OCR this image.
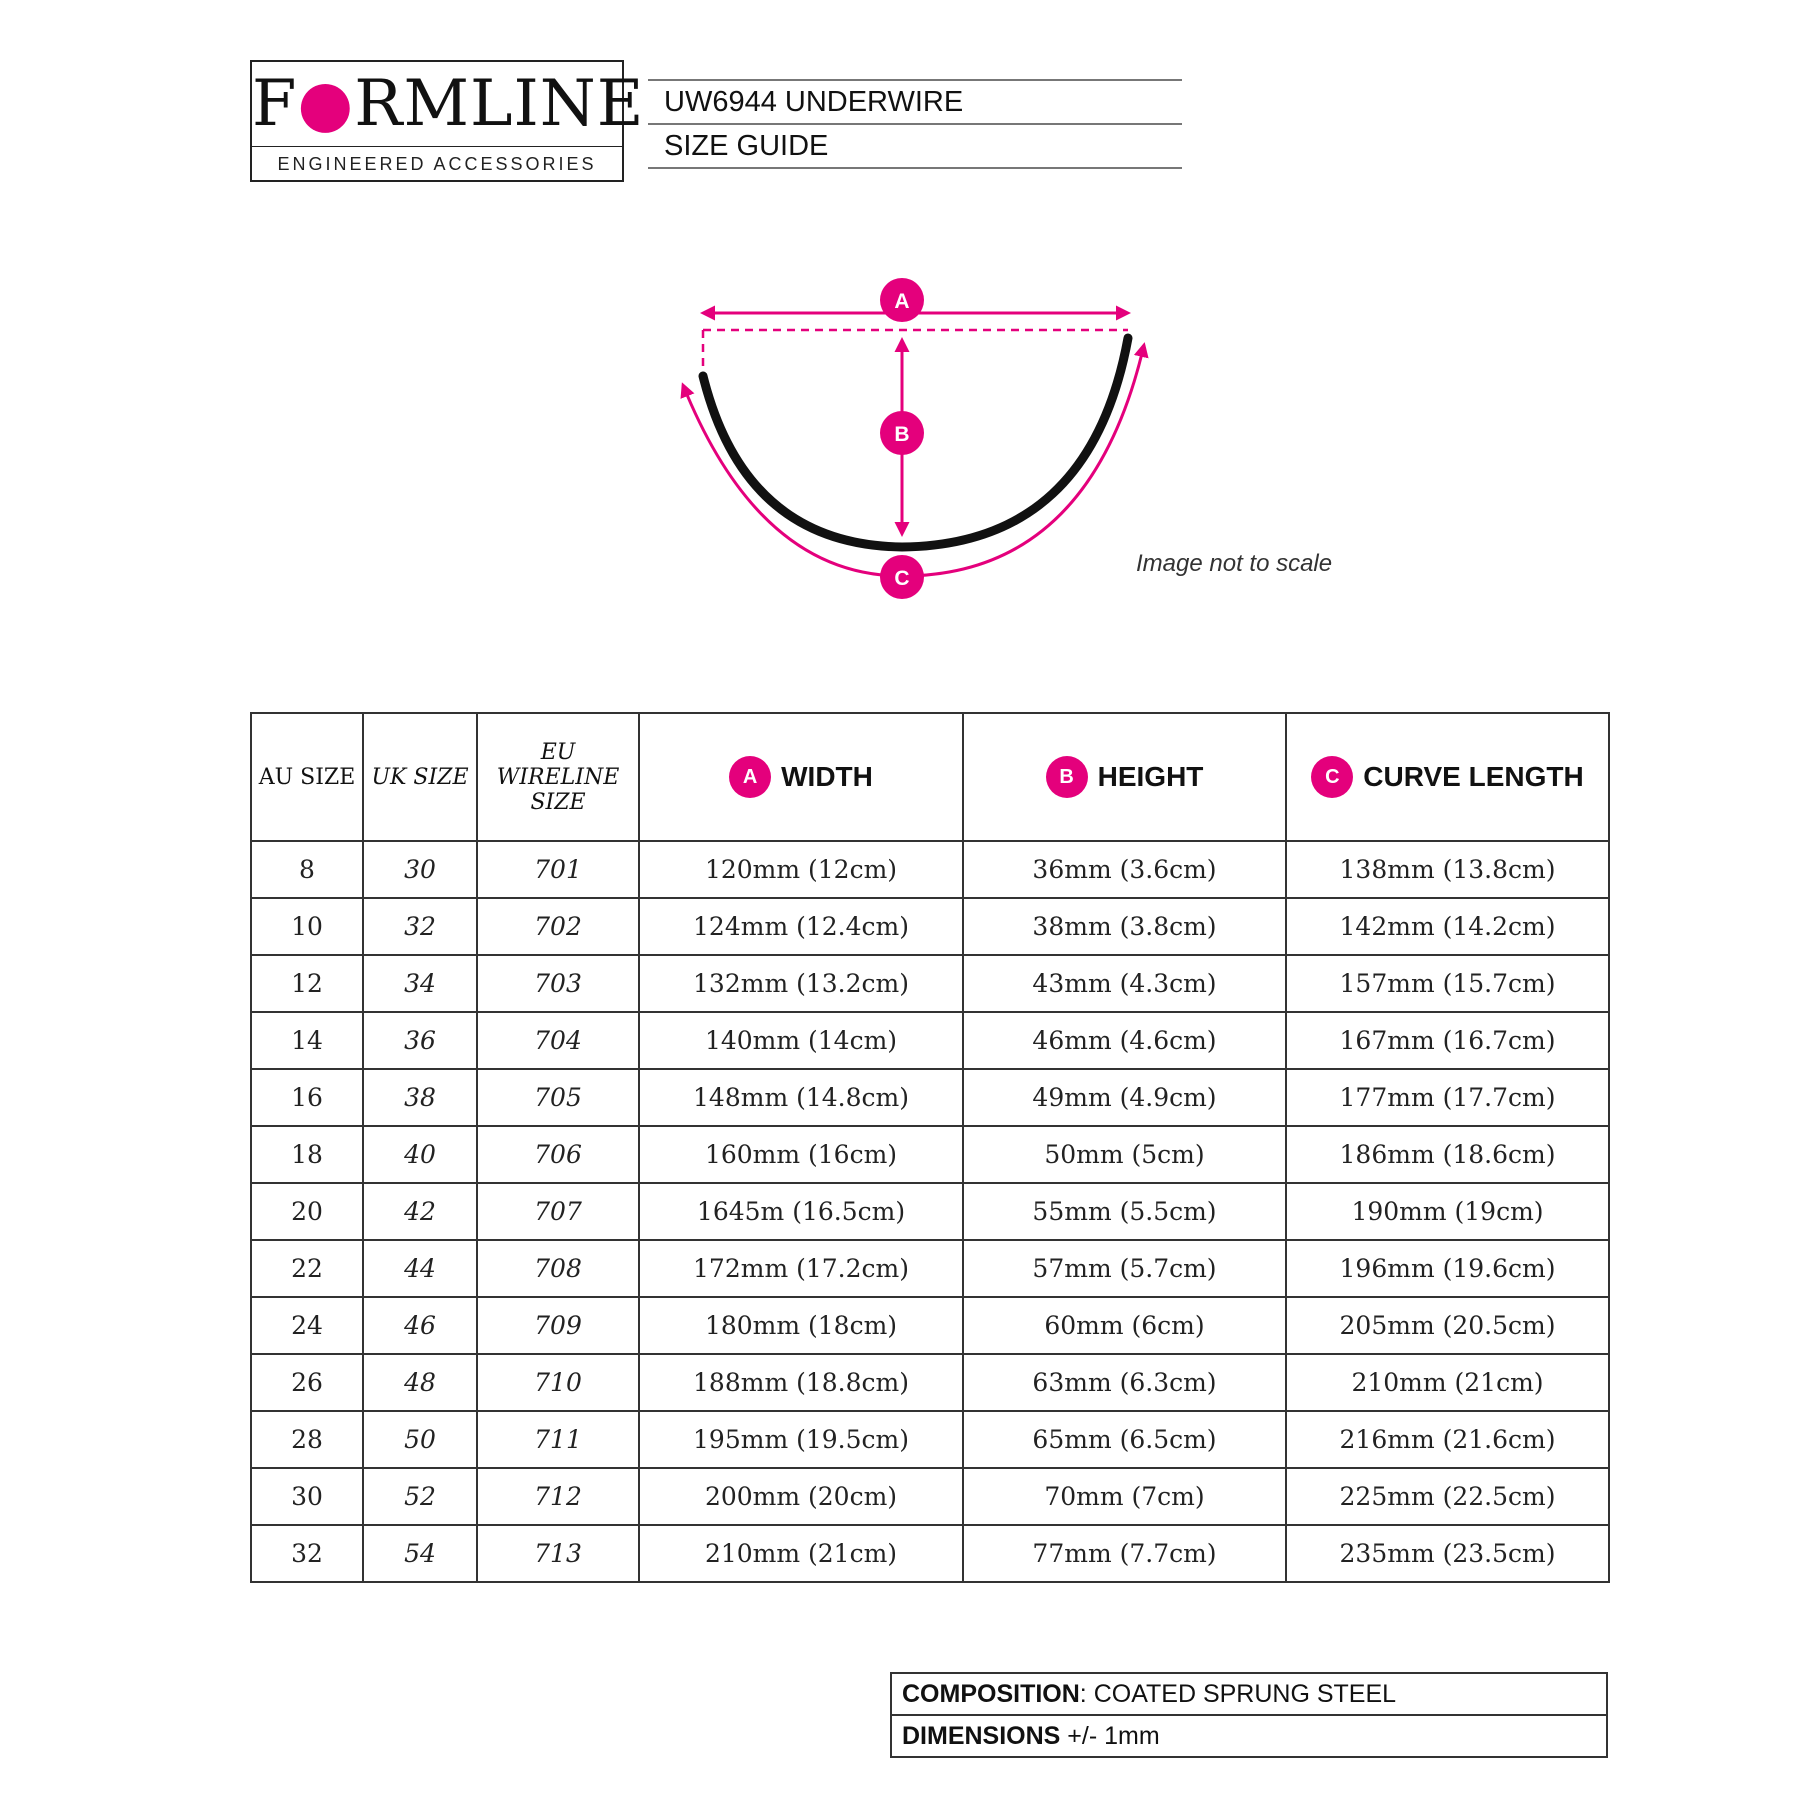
F●RMLINE
ENGINEERED ACCESSORIES
UW6944 UNDERWIRE
SIZE GUIDE
A
B
C
Image not to scale
AU SIZE	UK SIZE	EU
WIRELINE
SIZE	A WIDTH	B HEIGHT	C CURVE LENGTH
8	30	701	120mm (12cm)	36mm (3.6cm)	138mm (13.8cm)
10	32	702	124mm (12.4cm)	38mm (3.8cm)	142mm (14.2cm)
12	34	703	132mm (13.2cm)	43mm (4.3cm)	157mm (15.7cm)
14	36	704	140mm (14cm)	46mm (4.6cm)	167mm (16.7cm)
16	38	705	148mm (14.8cm)	49mm (4.9cm)	177mm (17.7cm)
18	40	706	160mm (16cm)	50mm (5cm)	186mm (18.6cm)
20	42	707	1645m (16.5cm)	55mm (5.5cm)	190mm (19cm)
22	44	708	172mm (17.2cm)	57mm (5.7cm)	196mm (19.6cm)
24	46	709	180mm (18cm)	60mm (6cm)	205mm (20.5cm)
26	48	710	188mm (18.8cm)	63mm (6.3cm)	210mm (21cm)
28	50	711	195mm (19.5cm)	65mm (6.5cm)	216mm (21.6cm)
30	52	712	200mm (20cm)	70mm (7cm)	225mm (22.5cm)
32	54	713	210mm (21cm)	77mm (7.7cm)	235mm (23.5cm)
COMPOSITION: COATED SPRUNG STEEL
DIMENSIONS +/- 1mm
